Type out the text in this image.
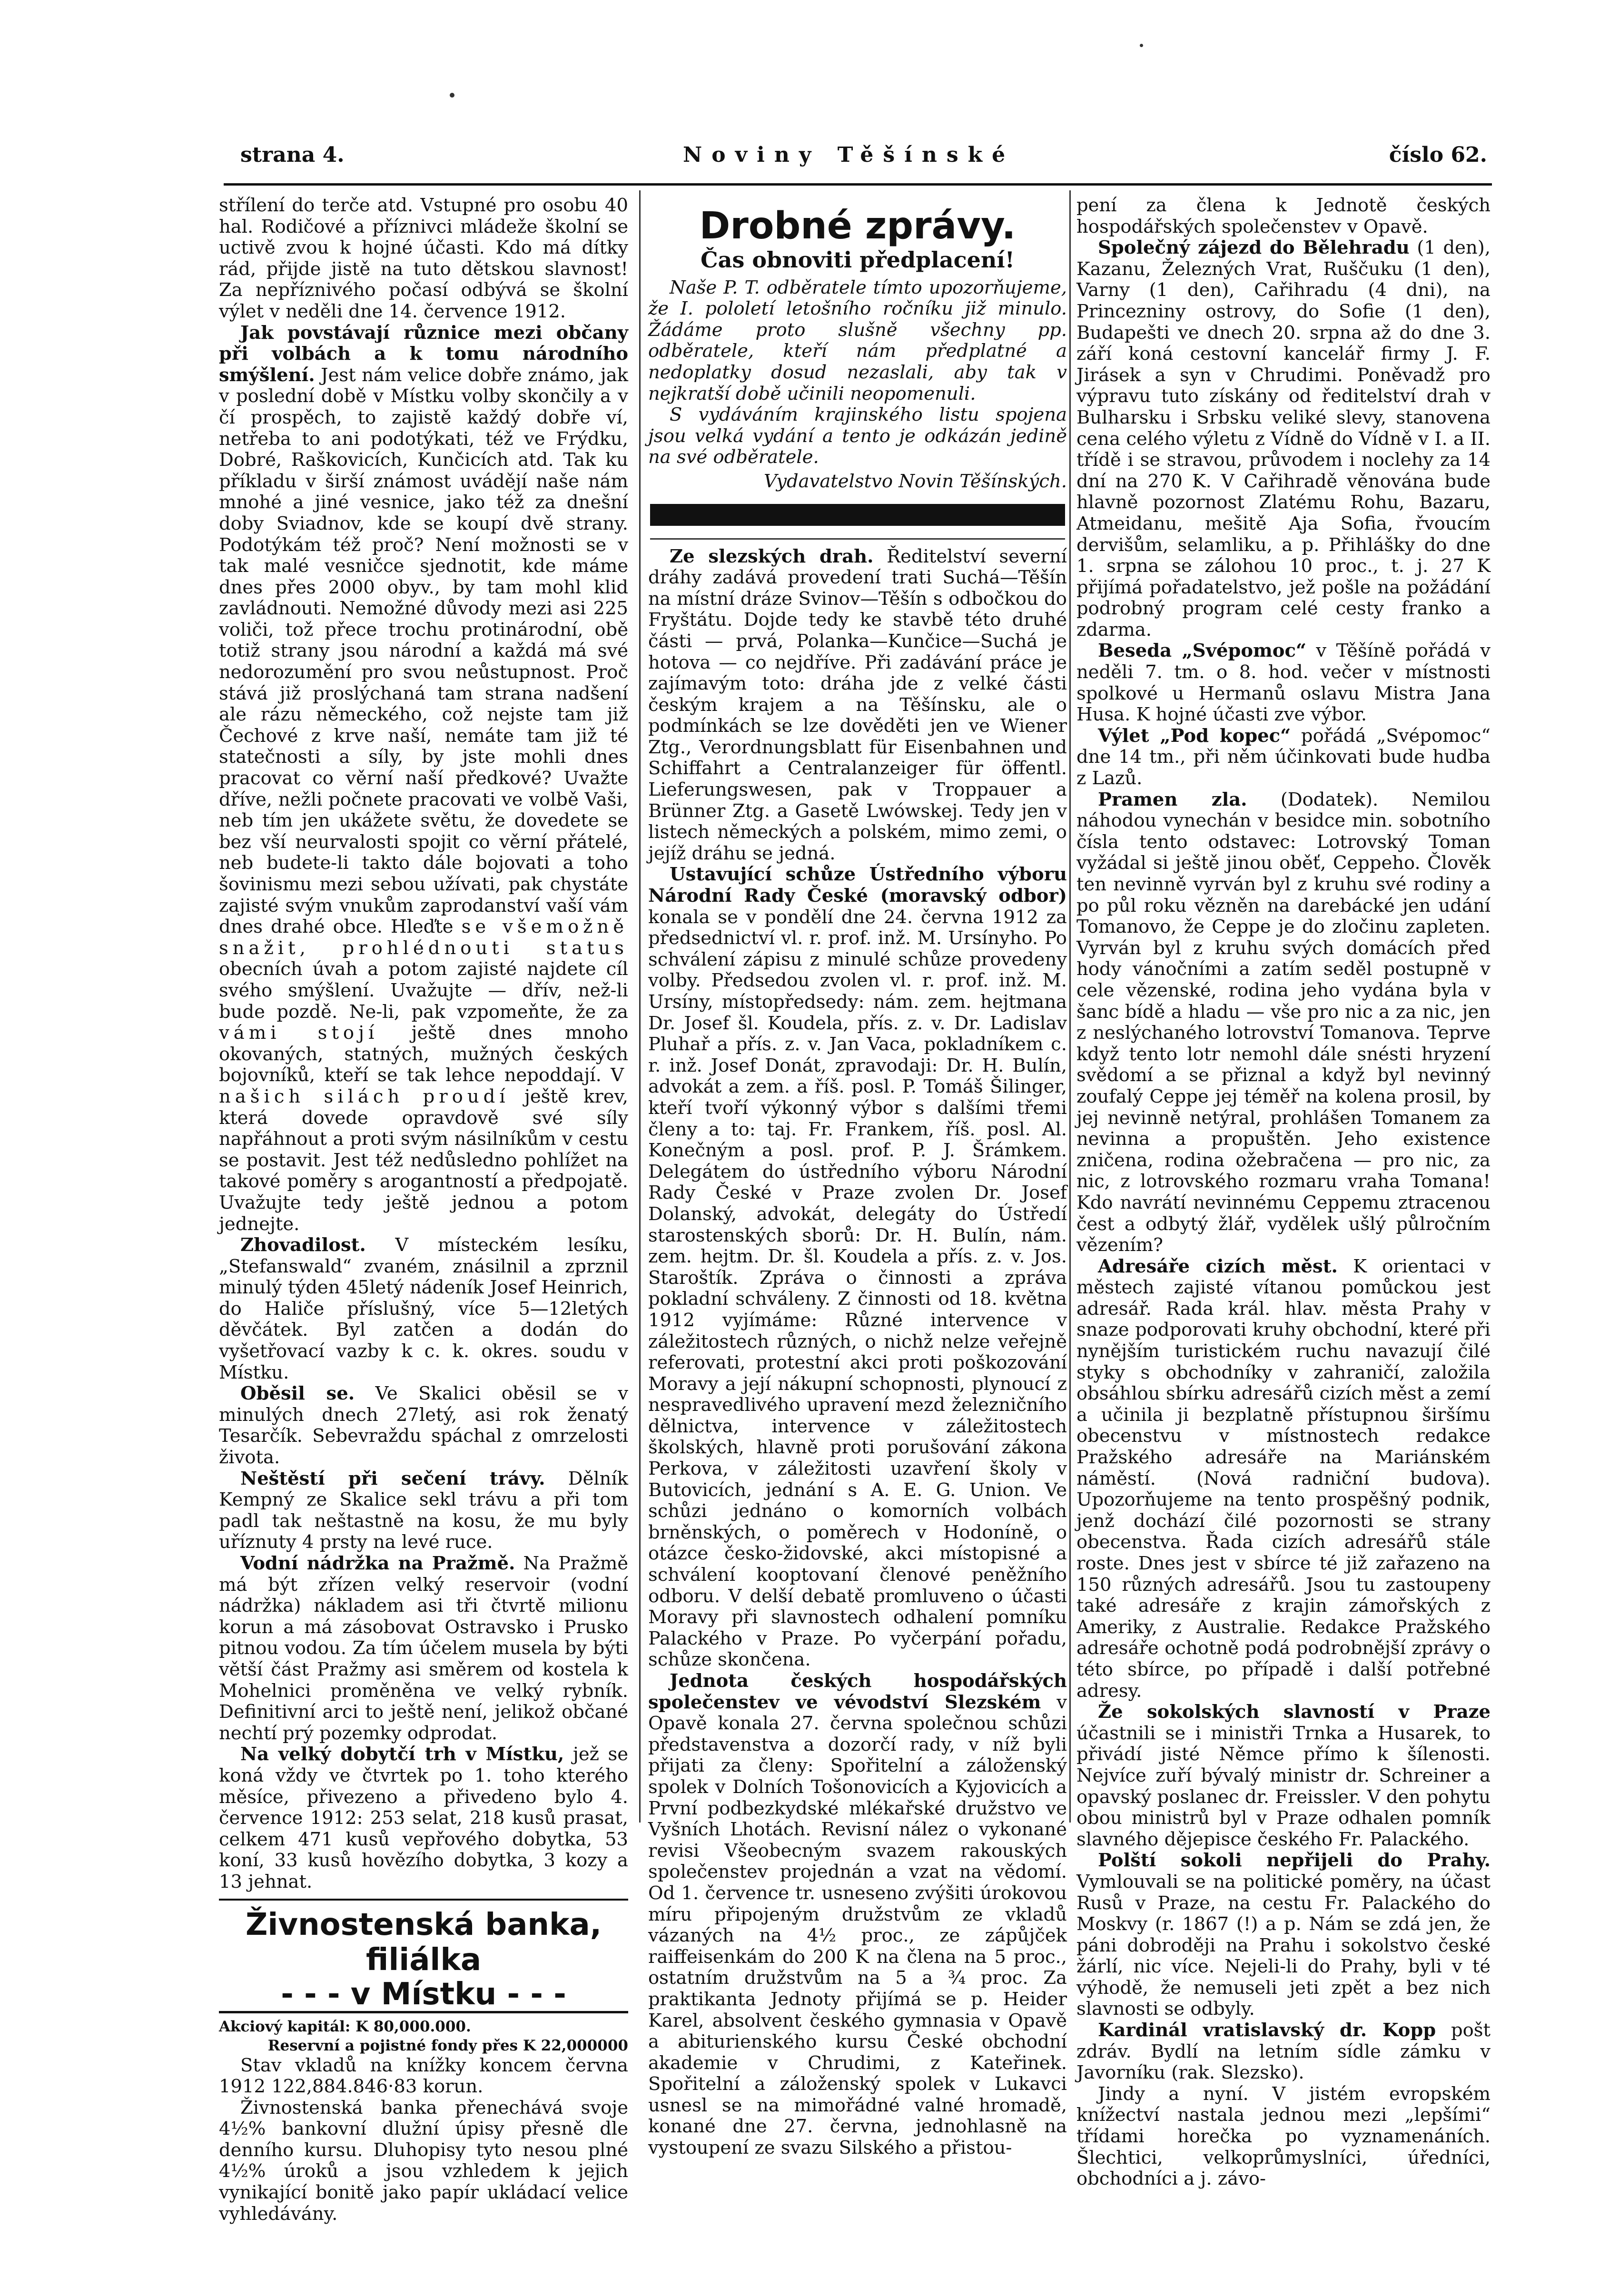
strana 4.	Noviny Těšínské	číslo 62.

střílení do terče atd. Vstupné pro osobu 40 hal. Rodičové a příznivci mládeže školní se uctivě zvou k hojné účasti. Kdo má dítky rád, přijde jistě na tuto dětskou slavnost! Za nepříznivého počasí odbývá se školní výlet v neděli dne 14. července 1912.

Jak povstávají různice mezi občany při volbách a k tomu národního smýšlení. Jest nám velice dobře známo, jak v poslední době v Místku volby skončily a v čí prospěch, to zajistě každý dobře ví, netřeba to ani podotýkati, též ve Frýdku, Dobré, Raškovicích, Kunčicích atd. Tak ku příkladu v širší známost uvádějí naše nám mnohé a jiné vesnice, jako též za dnešní doby Sviadnov, kde se koupí dvě strany. Podotýkám též proč? Není možnosti se v tak malé vesničce sjednotit, kde máme dnes přes 2000 obyv., by tam mohl klid zavládnouti. Nemožné důvody mezi asi 225 voliči, tož přece trochu protinárodní, obě totiž strany jsou národní a každá má své nedorozumění pro svou neůstupnost. Proč stává již proslýchaná tam strana nadšení ale rázu německého, což nejste tam již Čechové z krve naší, nemáte tam již té statečnosti a síly, by jste mohli dnes pracovat co věrní naší předkové? Uvažte dříve, nežli počnete pracovati ve volbě Vaši, neb tím jen ukážete světu, že dovedete se bez vší neurvalosti spojit co věrní přátelé, neb budete-li takto dále bojovati a toho šovinismu mezi sebou užívati, pak chystáte zajisté svým vnukům zaprodanství vaší vám dnes drahé obce. Hleďte se všemožně snažit, prohlédnouti status obecních úvah a potom zajisté najdete cíl svého smýšlení. Uvažujte — dřív, než-li bude pozdě. Ne-li, pak vzpomeňte, že za vámi stojí ještě dnes mnoho okovaných, statných, mužných českých bojovníků, kteří se tak lehce nepoddají. V našich silách proudí ještě krev, která dovede opravdově své síly napřáhnout a proti svým násilníkům v cestu se postavit. Jest též nedůsledno pohlížet na takové poměry s arogantností a předpojatě. Uvažujte tedy ještě jednou a potom jednejte.

Zhovadilost. V místeckém lesíku, „Stefanswald“ zvaném, znásilnil a zprznil minulý týden 45letý nádeník Josef Heinrich, do Haliče příslušný, více 5—12letých děvčátek. Byl zatčen a dodán do vyšetřovací vazby k c. k. okres. soudu v Místku.

Oběsil se. Ve Skalici oběsil se v minulých dnech 27letý, asi rok ženatý Tesarčík. Sebevraždu spáchal z omrzelosti života.

Neštěstí při sečení trávy. Dělník Kempný ze Skalice sekl trávu a při tom padl tak neštastně na kosu, že mu byly uříznuty 4 prsty na levé ruce.

Vodní nádržka na Pražmě. Na Pražmě má být zřízen velký reservoir (vodní nádržka) nákladem asi tři čtvrtě milionu korun a má zásobovat Ostravsko i Prusko pitnou vodou. Za tím účelem musela by býti větší část Pražmy asi směrem od kostela k Mohelnici proměněna ve velký rybník. Definitivní arci to ještě není, jelikož občané nechtí prý pozemky odprodat.

Na velký dobytčí trh v Místku, jež se koná vždy ve čtvrtek po 1. toho kterého měsíce, přivezeno a přivedeno bylo 4. července 1912: 253 selat, 218 kusů prasat, celkem 471 kusů vepřového dobytka, 53 koní, 33 kusů hovězího dobytka, 3 kozy a 13 jehnat.

Živnostenská banka, filiálka
- - - v Místku - - -

Akciový kapitál: K 80,000.000.

Reservní a pojistné fondy přes K 22,000000

Stav vkladů na knížky koncem června 1912 122,884.846·83 korun.

Živnostenská banka přenechává svoje 4½% bankovní dlužní úpisy přesně dle denního kursu. Dluhopisy tyto nesou plné 4½% úroků a jsou vzhledem k jejich vynikající bonitě jako papír ukládací velice vyhledávány.

Drobné zprávy.
Čas obnoviti předplacení!

Naše P. T. odběratele tímto upozorňujeme, že I. pololetí letošního ročníku již minulo. Žádáme proto slušně všechny pp. odběratele, kteří nám předplatné a nedoplatky dosud nezaslali, aby tak v nejkratší době učinili neopomenuli.

S vydáváním krajinského listu spojena jsou velká vydání a tento je odkázán jedině na své odběratele.

Vydavatelstvo Novin Těšínských.

Ze slezských drah. Ředitelství severní dráhy zadává provedení trati Suchá—Těšín na místní dráze Svinov—Těšín s odbočkou do Fryštátu. Dojde tedy ke stavbě této druhé části — prvá, Polanka—Kunčice—Suchá je hotova — co nejdříve. Při zadávání práce je zajímavým toto: dráha jde z velké části českým krajem a na Těšínsku, ale o podmínkách se lze dověděti jen ve Wiener Ztg., Verordnungsblatt für Eisenbahnen und Schiffahrt a Centralanzeiger für öffentl. Lieferungswesen, pak v Troppauer a Brünner Ztg. a Gasetě Lwówskej. Tedy jen v listech německých a polském, mimo zemi, o jejíž dráhu se jedná.

Ustavující schůze Ústředního výboru Národní Rady České (moravský odbor) konala se v pondělí dne 24. června 1912 za předsednictví vl. r. prof. inž. M. Ursínyho. Po schválení zápisu z minulé schůze provedeny volby. Předsedou zvolen vl. r. prof. inž. M. Ursíny, místopředsedy: nám. zem. hejtmana Dr. Josef šl. Koudela, přís. z. v. Dr. Ladislav Pluhař a přís. z. v. Jan Vaca, pokladníkem c. r. inž. Josef Donát, zpravodaji: Dr. H. Bulín, advokát a zem. a říš. posl. P. Tomáš Šilinger, kteří tvoří výkonný výbor s dalšími třemi členy a to: taj. Fr. Frankem, říš. posl. Al. Konečným a posl. prof. P. J. Šrámkem. Delegátem do ústředního výboru Národní Rady České v Praze zvolen Dr. Josef Dolanský, advokát, delegáty do Ústředí starostenských sborů: Dr. H. Bulín, nám. zem. hejtm. Dr. šl. Koudela a přís. z. v. Jos. Staroštík. Zpráva o činnosti a zpráva pokladní schváleny. Z činnosti od 18. května 1912 vyjímáme: Různé intervence v záležitostech různých, o nichž nelze veřejně referovati, protestní akci proti poškozování Moravy a její nákupní schopnosti, plynoucí z nespravedlivého upravení mezd železničního dělnictva, intervence v záležitostech školských, hlavně proti porušování zákona Perkova, v záležitosti uzavření školy v Butovicích, jednání s A. E. G. Union. Ve schůzi jednáno o komorních volbách brněnských, o poměrech v Hodoníně, o otázce česko-židovské, akci místopisné a schválení kooptovaní členové peněžního odboru. V delší debatě promluveno o účasti Moravy při slavnostech odhalení pomníku Palackého v Praze. Po vyčerpání pořadu, schůze skončena.

Jednota českých hospodářských společenstev ve vévodství Slezském v Opavě konala 27. června společnou schůzi představenstva a dozorčí rady, v níž byli přijati za členy: Spořitelní a záloženský spolek v Dolních Tošonovicích a Kyjovicích a První podbezkydské mlékařské družstvo ve Vyšních Lhotách. Revisní nález o vykonané revisi Všeobecným svazem rakouských společenstev projednán a vzat na vědomí. Od 1. července tr. usneseno zvýšiti úrokovou míru připojeným družstvům ze vkladů vázaných na 4½ proc., ze zápůjček raiffeisenkám do 200 K na člena na 5 proc., ostatním družstvům na 5 a ¾ proc. Za praktikanta Jednoty přijímá se p. Heider Karel, absolvent českého gymnasia v Opavě a abiturienského kursu České obchodní akademie v Chrudimi, z Kateřinek. Spořitelní a záloženský spolek v Lukavci usnesl se na mimořádné valné hromadě, konané dne 27. června, jednohlasně na vystoupení ze svazu Silského a přistou-

pení za člena k Jednotě českých hospodářských společenstev v Opavě.

Společný zájezd do Bělehradu (1 den), Kazanu, Železných Vrat, Ruščuku (1 den), Varny (1 den), Cařihradu (4 dni), na Princezniny ostrovy, do Sofie (1 den), Budapešti ve dnech 20. srpna až do dne 3. září koná cestovní kancelář firmy J. F. Jirásek a syn v Chrudimi. Poněvadž pro výpravu tuto získány od ředitelství drah v Bulharsku i Srbsku veliké slevy, stanovena cena celého výletu z Vídně do Vídně v I. a II. třídě i se stravou, průvodem i noclehy za 14 dní na 270 K. V Cařihradě věnována bude hlavně pozornost Zlatému Rohu, Bazaru, Atmeidanu, mešitě Aja Sofia, řvoucím dervišům, selamliku, a p. Přihlášky do dne 1. srpna se zálohou 10 proc., t. j. 27 K přijímá pořadatelstvo, jež pošle na požádání podrobný program celé cesty franko a zdarma.

Beseda „Svépomoc“ v Těšíně pořádá v neděli 7. tm. o 8. hod. večer v místnosti spolkové u Hermanů oslavu Mistra Jana Husa. K hojné účasti zve výbor.

Výlet „Pod kopec“ pořádá „Svépomoc“ dne 14 tm., při něm účinkovati bude hudba z Lazů.

Pramen zla. (Dodatek). Nemilou náhodou vynechán v besidce min. sobotního čísla tento odstavec: Lotrovský Toman vyžádal si ještě jinou oběť, Ceppeho. Člověk ten nevinně vyrván byl z kruhu své rodiny a po půl roku vězněn na darebácké jen udání Tomanovo, že Ceppe je do zločinu zapleten. Vyrván byl z kruhu svých domácích před hody vánočními a zatím seděl postupně v cele vězenské, rodina jeho vydána byla v šanc bídě a hladu — vše pro nic a za nic, jen z neslýchaného lotrovství Tomanova. Teprve když tento lotr nemohl dále snésti hryzení svědomí a se přiznal a když byl nevinný zoufalý Ceppe jej téměř na kolena prosil, by jej nevinně netýral, prohlášen Tomanem za nevinna a propuštěn. Jeho existence zničena, rodina ožebračena — pro nic, za nic, z lotrovského rozmaru vraha Tomana! Kdo navrátí nevinnému Ceppemu ztracenou čest a odbytý žlář, vydělek ušlý půlročním vězením?

Adresáře cizích měst. K orientaci v městech zajisté vítanou pomůckou jest adresář. Rada král. hlav. města Prahy v snaze podporovati kruhy obchodní, které při nynějším turistickém ruchu navazují čilé styky s obchodníky v zahraničí, založila obsáhlou sbírku adresářů cizích měst a zemí a učinila ji bezplatně přístupnou širšímu obecenstvu v místnostech redakce Pražského adresáře na Mariánském náměstí. (Nová radniční budova). Upozorňujeme na tento prospěšný podnik, jenž dochází čilé pozornosti se strany obecenstva. Řada cizích adresářů stále roste. Dnes jest v sbírce té již zařazeno na 150 různých adresářů. Jsou tu zastoupeny také adresáře z krajin zámořských z Ameriky, z Australie. Redakce Pražského adresáře ochotně podá podrobnější zprávy o této sbírce, po případě i další potřebné adresy.

Že sokolských slavností v Praze účastnili se i ministři Trnka a Husarek, to přivádí jisté Němce přímo k šílenosti. Nejvíce zuří bývalý ministr dr. Schreiner a opavský poslanec dr. Freissler. V den pohytu obou ministrů byl v Praze odhalen pomník slavného dějepisce českého Fr. Palackého.

Polští sokoli nepřijeli do Prahy. Vymlouvali se na politické poměry, na účast Rusů v Praze, na cestu Fr. Palackého do Moskvy (r. 1867 (!) a p. Nám se zdá jen, že páni dobroději na Prahu i sokolstvo české žárlí, nic více. Nejeli-li do Prahy, byli v té výhodě, že nemuseli jeti zpět a bez nich slavnosti se odbyly.

Kardinál vratislavský dr. Kopp pošt zdráv. Bydlí na letním sídle zámku v Javorníku (rak. Slezsko).

Jindy a nyní. V jistém evropském knížectví nastala jednou mezi „lepšími“ třídami horečka po vyznamenáních. Šlechtici, velkoprůmyslníci, úředníci, obchodníci a j. závo-
